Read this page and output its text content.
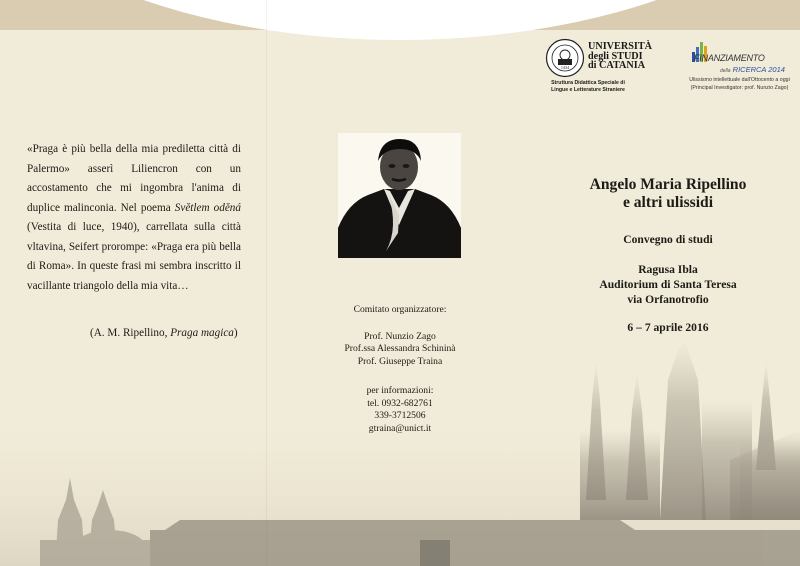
«Praga è più bella della mia prediletta città di Palermo» asserì Liliencron con un accostamento che mi ingombra l'anima di duplice malinconia. Nel poema Svĕtlem odĕná (Vestita di luce, 1940), carrellata sulla città vltavina, Seifert prorompe: «Praga era più bella di Roma». In queste frasi mi sembra inscritto il vacillante triangolo della mia vita…
(A. M. Ripellino, Praga magica)
Comitato organizzatore:
Prof. Nunzio Zago
Prof.ssa Alessandra Schininà
Prof. Giuseppe Traina
per informazioni:
tel. 0932-682761
339-3712506
gtraina@unict.it
1434
UNIVERSITÀ
degli STUDI
di CATANIA
Struttura Didattica Speciale di
Lingue e Letterature Straniere
FINANZIAMENTO
della RICERCA 2014
Ulissismo intellettuale dall'Ottocento a oggi
(Principal Investigator: prof. Nunzio Zago)
Angelo Maria Ripellino
e altri ulissidi
Convegno di studi
Ragusa Ibla
Auditorium di Santa Teresa
via Orfanotrofio
6 – 7 aprile 2016
